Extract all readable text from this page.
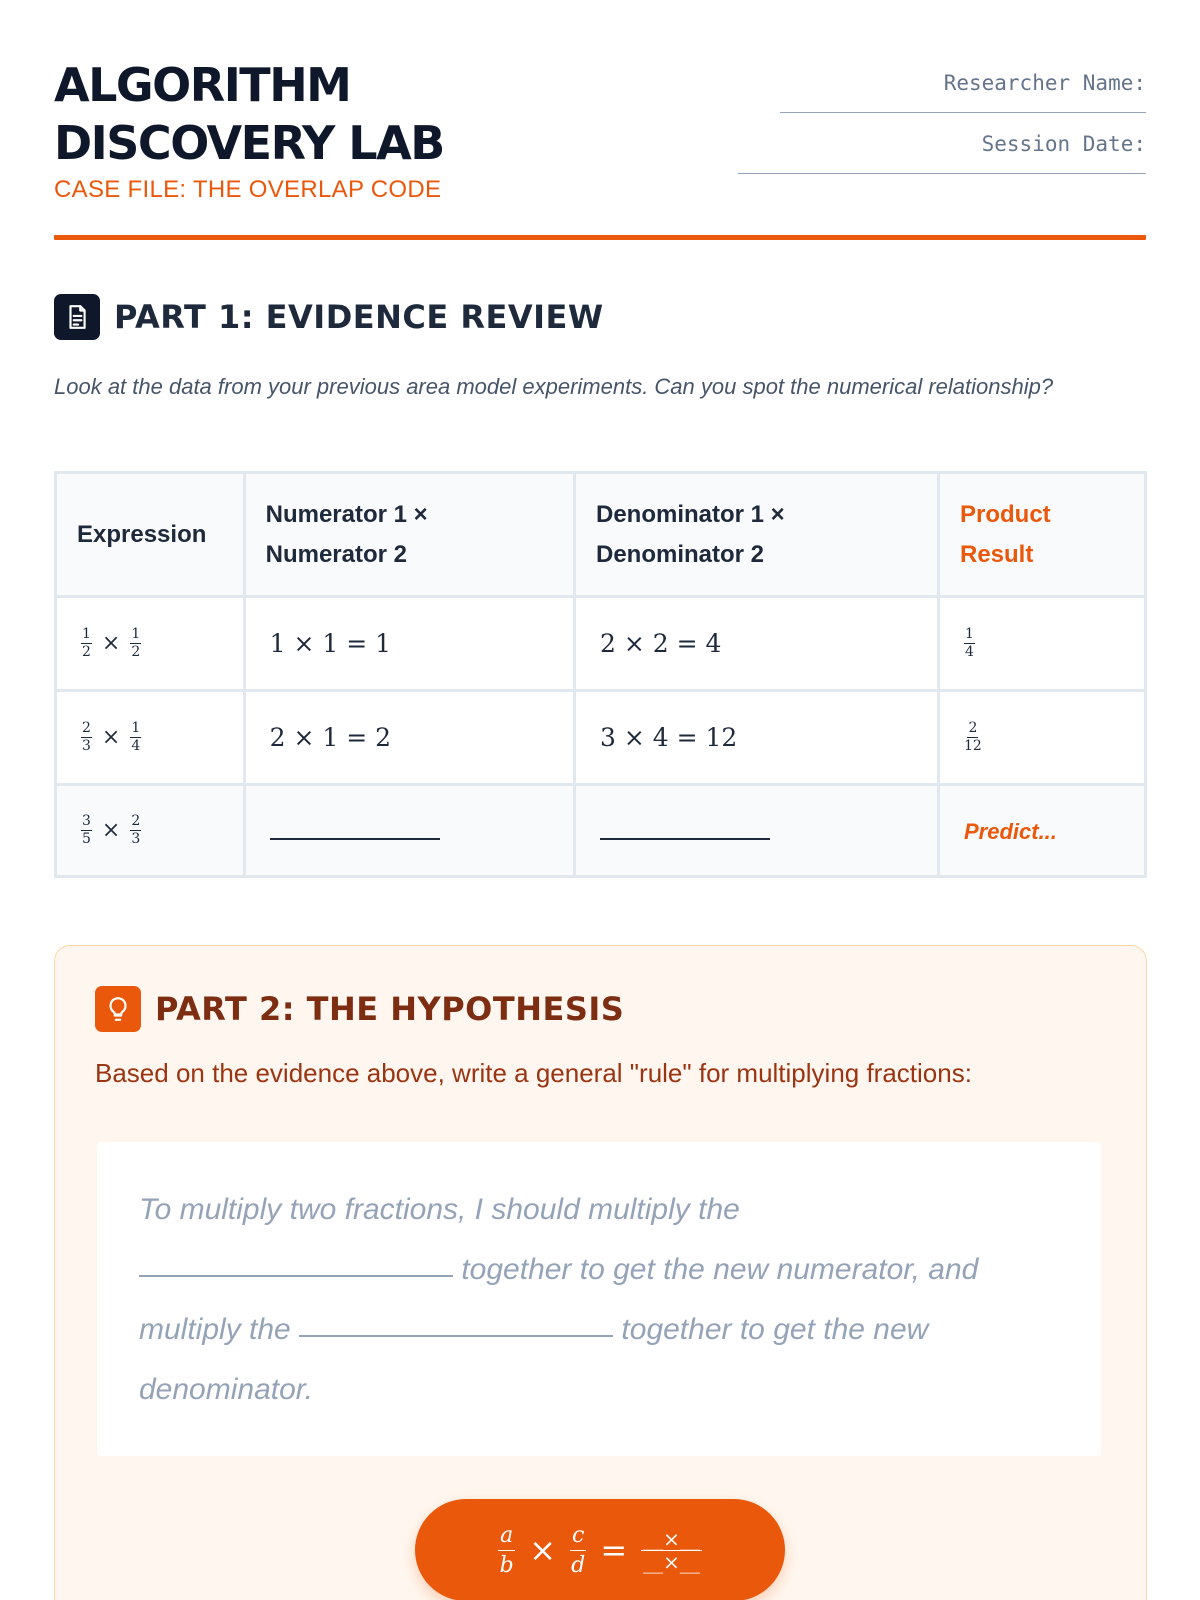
ALGORITHM
DISCOVERY LAB
CASE FILE: THE OVERLAP CODE
Researcher Name:
Session Date:
PART 1: EVIDENCE REVIEW
Look at the data from your previous area model experiments. Can you spot the numerical relationship?
Expression	Numerator 1 × Numerator 2	Denominator 1 × Denominator 2	Product Result

$\frac{1}{2} \times \frac{1}{2}$	1 × 1 = 1	2 × 2 = 4	$\frac{1}{4}$

$\frac{2}{3} \times \frac{1}{4}$	2 × 1 = 2	3 × 4 = 12	$\frac{2}{12}$

$\frac{3}{5} \times \frac{2}{3}$			Predict...
PART 2: THE HYPOTHESIS
Based on the evidence above, write a general "rule" for multiplying fractions:
To multiply two fractions, I should multiply the  together to get the new numerator, and multiply the	together to get the new denominator.
$\frac{a}{b} \times \frac{c}{d}$ = __×__
__×__
